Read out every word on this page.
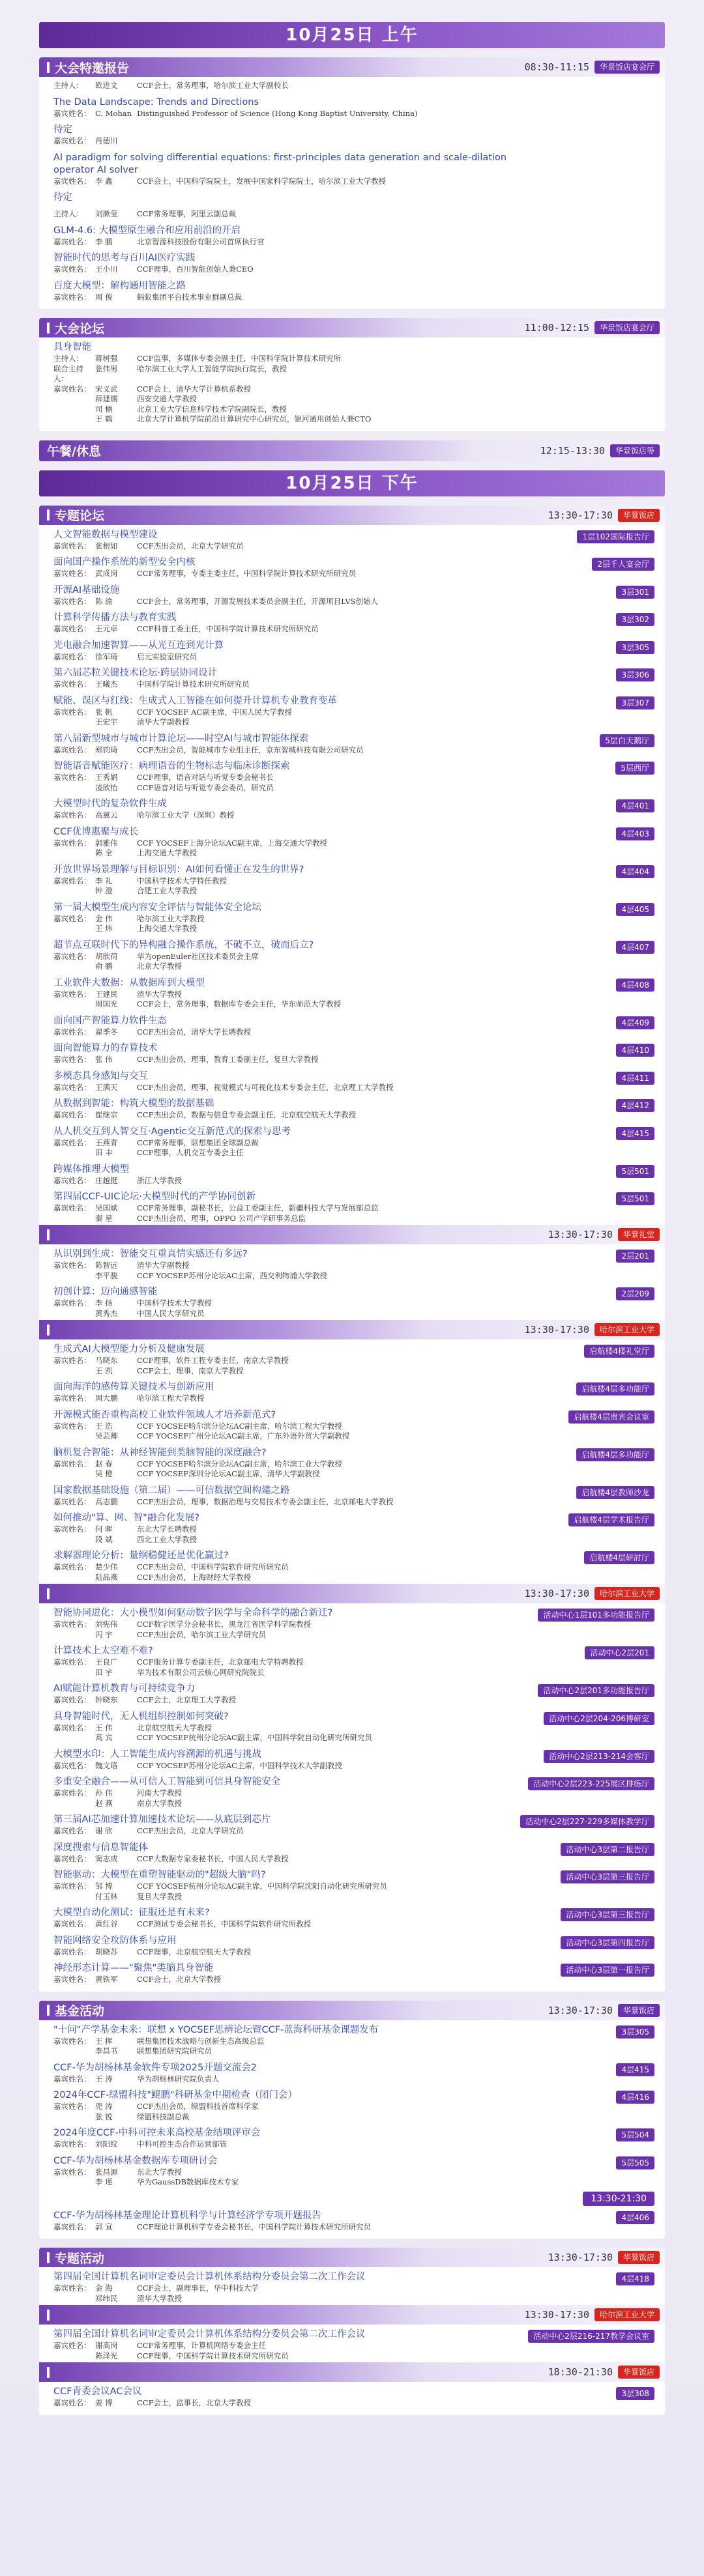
10月25日 上午
大会特邀报告	08:30-11:15	华景饭店宴会厅
主持人：	欧进文	CCF会士，常务理事，哈尔滨工业大学副校长
The Data Landscape: Trends and Directions
嘉宾姓名： C. Mohan Distinguished Professor of Science (Hong Kong Baptist University, China)
待定
嘉宾姓名： 肖德川
AI paradigm for solving differential equations: first-principles data generation and scale-dilation operator AI solver
嘉宾姓名： 李 鑫	CCF会士，中国科学院院士，发展中国家科学院院士，哈尔滨工业大学教授
待定
主持人：	刘漱莹	CCF常务理事，阿里云副总裁
GLM-4.6: 大模型原生融合和应用前沿的开启
嘉宾姓名： 李 鹏	北京智源科技股份有限公司首席执行官
智能时代的思考与百川AI医疗实践
嘉宾姓名： 王小川	CCF理事，百川智能创始人兼CEO
百度大模型：解构通用智能之路
嘉宾姓名： 周 俊	蚂蚁集团平台技术事业群副总裁
大会论坛	11:00-12:15	华景饭店宴会厅
具身智能
主持人：	蒋树强	CCF监事，多媒体专委会副主任，中国科学院计算技术研究所
联合主持人：
张伟男	哈尔滨工业大学人工智能学院执行院长，教授
嘉宾姓名： 宋义武	CCF会士，清华大学计算机系教授
薛建儒	西安交通大学教授
司 楠	北京工业大学信息科学技术学院副院长，教授
王 鹤	北京大学计算机学院前沿计算研究中心研究员，银河通用创始人兼CTO
午餐/休息	12:15-13:30	华景饭店等
10月25日 下午
专题论坛	13:30-17:30	华景饭店
人文智能数据与模型建设	1层102国际报告厅
嘉宾姓名： 张根如	CCF杰出会员，北京大学研究员
面向国产操作系统的新型安全内核	2层千人宴会厅
嘉宾姓名： 武成岗	CCF常务理事，专委主委主任，中国科学院计算技术研究所研究员
开源AI基础设施	3层301
嘉宾姓名： 陈 渝	CCF会士，常务理事，开源发展技术委员会副主任，开源项目LVS创始人
计算科学传播方法与教育实践	3层302
嘉宾姓名： 王元卓	CCF科普工委主任，中国科学院计算技术研究所研究员
光电融合加速智算——从光互连到光计算	3层305
嘉宾姓名： 徐军琦	启元实验室研究员
第六届芯粒关键技术论坛·跨层协同设计	3层306
嘉宾姓名： 王曦杰	中国科学院计算技术研究所研究员
赋能、误区与红线：生成式人工智能在如何提升计算机专业教育变革	3层307
嘉宾姓名： 张 帆	CCF YOCSEF AC副主席，中国人民大学教授
王宏宇	清华大学副教授
第八届新型城市与城市计算论坛——时空AI与城市智能体探索	5层白天鹅厅
嘉宾姓名： 郑钧琦	CCF杰出会员，智能城市专业组主任，京东智城科技有限公司研究员
智能语音赋能医疗：病理语音的生物标志与临床诊断探索	5层西厅
嘉宾姓名： 王秀娟	CCF理事，语音对话与听觉专委会秘书长
凌欣怡	CCF语音对话与听觉专委会委员，研究员
大模型时代的复杂软件生成	4层401
嘉宾姓名： 高翼云	哈尔滨工业大学（深圳）教授
CCF优博惠聚与成长	4层403
嘉宾姓名： 郭雅伟	CCF YOCSEF上海分论坛AC副主席，上海交通大学教授
陈 全	上海交通大学教授
开放世界场景理解与目标识别：AI如何看懂正在发生的世界?	4层404
嘉宾姓名： 李 礼	中国科学技术大学特任教授
钟 澄	合肥工业大学教授
第一届大模型生成内容安全评估与智能体安全论坛	4层405
嘉宾姓名： 金 伟	哈尔滨工业大学教授
王 炜	上海交通大学教授
超节点互联时代下的异构融合操作系统，不破不立，破而后立?	4层407
嘉宾姓名： 胡欣荷	华为openEuler社区技术委员会主席
俞 鹏	北京大学教授
工业软件大数据：从数据库到大模型	4层408
嘉宾姓名： 王建民	清华大学教授
周国光	CCF会士，常务理事，数据库专委会主任，华东师范大学教授
面向国产智能算力软件生态	4层409
嘉宾姓名： 翟季冬	CCF杰出会员，清华大学长聘教授
面向智能算力的存算技术	4层410
嘉宾姓名： 张 伟	CCF杰出会员，理事，教育工委副主任，复旦大学教授
多模态具身感知与交互	4层411
嘉宾姓名： 王满天	CCF杰出会员，理事，视觉模式与可视化技术专委会主任，北京理工大学教授
从数据到智能：构筑大模型的数据基础	4层412
嘉宾姓名： 崔继宗	CCF杰出会员，数据与信息专委会副主任，北京航空航天大学教授
从人机交互到人智交互·Agentic交互新范式的探索与思考	4层415
嘉宾姓名： 王燕青	CCF常务理事，联想集团全球副总裁
田 丰	CCF理事，人机交互专委会主任
跨媒体推理大模型	5层501
嘉宾姓名： 庄越挺	浙江大学教授
第四届CCF-UIC论坛·大模型时代的产学协同创新	5层501
嘉宾姓名： 吴国斌	CCF常务理事，副秘书长，公益工委副主任，新疆科技大学与发展部总监
秦 星	CCF杰出会员，理事，OPPO 公司产学研事务总监
13:30-17:30	华景礼堂
从识别到生成：智能交互重真情实感还有多远?	2层201
嘉宾姓名： 陈智远	清华大学副教授
李平骏	CCF YOCSEF苏州分论坛AC主席，西交利物浦大学教授
初创计算：迈向通感智能	2层209
嘉宾姓名： 李 扬	中国科学技术大学教授
黄秀杰	中国人民大学研究员
13:30-17:30	哈尔滨工业大学
生成式AI大模型能力分析及健康发展	启航楼4楼礼堂厅
嘉宾姓名： 马晓东	CCF理事，软件工程专委主任，南京大学教授
王 凯	CCF会士，理事，南京大学教授
面向海洋的感传算关键技术与创新应用	启航楼4层多功能厅
嘉宾姓名： 周大鹏	哈尔滨工程大学教授
开源模式能否重构高校工业软件领域人才培养新范式?	启航楼4层贵宾会议室
嘉宾姓名： 王 浩	CCF YOCSEF哈尔滨分论坛AC副主席，哈尔滨工程大学教授
吴芸卿	CCF YOCSEF广州分论坛AC副主席，广东外语外贸大学副教授
脑机复合智能：从神经智能到类脑智能的深度融合?	启航楼4层多功能厅
嘉宾姓名： 赵 春	CCF YOCSEF哈尔滨分论坛AC副主席，哈尔滨工业大学教授
吴 橙	CCF YOCSEF深圳分论坛AC副主席，清华大学副教授
国家数据基础设施（第二届）——可信数据空间构建之路	启航楼4层教师沙龙
嘉宾姓名： 高志鹏	CCF杰出会员，理事，数据治理与交易技术专委会副主任，北京邮电大学教授
如何推动"算、网、智"融合化发展?	启航楼4层学术报告厅
嘉宾姓名： 何 晖	东北大学长聘教授
段 斌	西北工业大学教授
求解器理论分析：量纲稳健还是优化赢过?	启航楼4层研討厅
嘉宾姓名： 楚少伟	CCF杰出会员，中国科学院软件研究所研究员
陆品燕	CCF杰出会员，上海财经大学教授
13:30-17:30	哈尔滨工业大学
智能协同进化：大小模型如何驱动数字医学与全命科学的融合新迁?	活动中心1层101多功能报告厅
嘉宾姓名： 刘宪伟	CCF数字医学分会秘书长，黑龙江省医学科学院教授
闪 宇	CCF杰出会员，哈尔滨工业大学研究员
计算技术上太空难不难?	活动中心2层201
嘉宾姓名： 王良广	CCF服务计算专委副主任，北京邮电大学特聘教授
田 宇	华为技术有限公司云核心网研究院院长
AI赋能计算机教育与可持续竞争力	活动中心2层201多功能报告厅
嘉宾姓名： 钟晓东	CCF会士，北京理工大学教授
具身智能时代，无人机组织控制如何突破?	活动中心2层204-206博研室
嘉宾姓名： 王 伟	北京航空航天大学教授
高 宾	CCF YOCSEF杭州分论坛AC副主席，中国科学院自动化研究所研究员
大模型水印：人工智能生成内容溯源的机遇与挑战	活动中心2层213-214会客厅
嘉宾姓名： 魏文珞	CCF YOCSEF苏州分论坛AC主席，中国科学技术大学副教授
多重安全融合——从可信人工智能到可信具身智能安全	活动中心2层223-225展区排练厅
嘉宾姓名： 孙 伟	河南大学教授
赵 燕	南京大学教授
第三届AI芯加速计算加速技术论坛——从底层到芯片	活动中心2层227-229多媒体教学厅
嘉宾姓名： 谢 欣	CCF杰出会员，北京大学研究员
深度搜索与信息智能体	活动中心3层第二报告厅
嘉宾姓名： 窦志成	CCF大数据专家委秘书长，中国人民大学教授
智能驱动：大模型在重塑智能驱动的"超级大脑"吗?	活动中心3层第三报告厅
嘉宾姓名： 邹 博	CCF YOCSEF杭州分论坛AC副主席，中国科学院沈阳自动化研究所研究员
付玉林	复旦大学教授
大模型自动化测试：征服还是有未来?	活动中心3层第三报告厅
嘉宾姓名： 黄红谷	CCF测试专委会秘书长，中国科学院软件研究所教授
智能网络安全攻防体系与应用	活动中心3层第四报告厅
嘉宾姓名： 胡晓苏	CCF理事，北京航空航天大学教授
神经形态计算——"聚焦"类脑具身智能	活动中心3层第一报告厅
嘉宾姓名： 黄铁军	CCF会士，北京大学教授
基金活动	13:30-17:30	华景饭店
"十问"产学基金未来：联想 x YOCSEF思辨论坛暨CCF-蓝海科研基金课题发布	3层305
嘉宾姓名： 王 挥	联想集团技术战略与创新生态高级总监
李昌书	联想集团研究院研究员
CCF-华为胡杨林基金软件专项2025开题交流会2	4层415
嘉宾姓名： 王 涛	华为胡杨林研究院负责人
2024年CCF-绿盟科技"鲲鹏"科研基金中期检查（闭门会）	4层416
嘉宾姓名： 兜 涛	CCF杰出会员，绿盟科技首席科学家
张 锐	绿盟科技副总裁
2024年度CCF-中科可控未来高校基金结项评审会	5层504
嘉宾姓名： 刘阳纹	中科可控生态合作运营部管
CCF-华为胡杨林基金数据库专项研讨会	5层505
嘉宾姓名： 张昌源	东北大学教授
李 瑾	华为GaussDB数据库技术专家
13:30-21:30
CCF-华为胡杨林基金理论计算机科学与计算经济学专项开题报告	4层406
嘉宾姓名： 郭 宣	CCF理论计算机科学专委会秘书长，中国科学院计算技术研究所研究员
专题活动	13:30-17:30	华景饭店
第四届全国计算机名词审定委员会计算机体系结构分委员会第二次工作会议	4层418
嘉宾姓名： 金 海	CCF会士，副理事长，华中科技大学
郑纬民	清华大学教授
13:30-17:30	哈尔滨工业大学
第四届全国计算机名词审定委员会计算机体系结构分委员会第二次工作会议	活动中心2层216-217教学会议室
嘉宾姓名： 谢高岗	CCF常务理事，计算机网络专委会主任
陈泽光	CCF理事，中国科学院计算技术研究所研究员
18:30-21:30	华景饭店
CCF青委会议AC会议	3层308
嘉宾姓名： 姜 博	CCF会士，监事长，北京大学教授
